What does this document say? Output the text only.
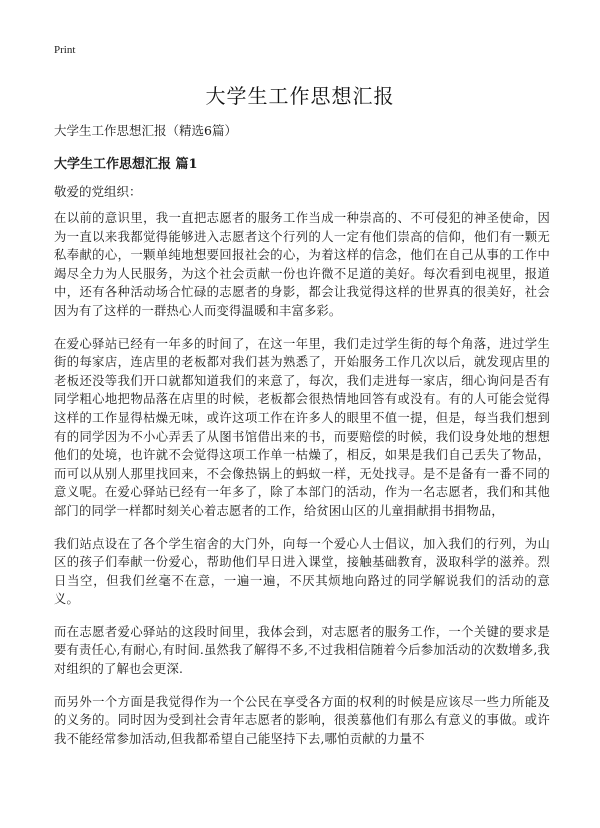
Print
大学生工作思想汇报

大学生工作思想汇报（精选6篇）

大学生工作思想汇报 篇1

敬爱的党组织：

在以前的意识里，我一直把志愿者的服务工作当成一种崇高的、不可侵犯的神圣使命，因为一直以来我都觉得能够进入志愿者这个行列的人一定有他们崇高的信仰，他们有一颗无私奉献的心，一颗单纯地想要回报社会的心，为着这样的信念，他们在自己从事的工作中竭尽全力为人民服务，为这个社会贡献一份也许微不足道的美好。每次看到电视里，报道中，还有各种活动场合忙碌的志愿者的身影，都会让我觉得这样的世界真的很美好，社会因为有了这样的一群热心人而变得温暖和丰富多彩。

在爱心驿站已经有一年多的时间了，在这一年里，我们走过学生街的每个角落，进过学生街的每家店，连店里的老板都对我们甚为熟悉了，开始服务工作几次以后，就发现店里的老板还没等我们开口就都知道我们的来意了，每次，我们走进每一家店，细心询问是否有同学粗心地把物品落在店里的时候，老板都会很热情地回答有或没有。有的人可能会觉得这样的工作显得枯燥无味，或许这项工作在许多人的眼里不值一提，但是，每当我们想到有的同学因为不小心弄丢了从图书馆借出来的书，而要赔偿的时候，我们设身处地的想想他们的处境，也许就不会觉得这项工作单一枯燥了，相反，如果是我们自己丢失了物品，而可以从别人那里找回来，不会像热锅上的蚂蚁一样，无处找寻。是不是备有一番不同的意义呢。在爱心驿站已经有一年多了，除了本部门的活动，作为一名志愿者，我们和其他部门的同学一样都时刻关心着志愿者的工作，给贫困山区的儿童捐献捐书捐物品，

我们站点设在了各个学生宿舍的大门外，向每一个爱心人士倡议，加入我们的行列，为山区的孩子们奉献一份爱心，帮助他们早日进入课堂，接触基础教育，汲取科学的滋养。烈日当空，但我们丝毫不在意，一遍一遍，不厌其烦地向路过的同学解说我们的活动的意义。

而在志愿者爱心驿站的这段时间里，我体会到，对志愿者的服务工作，一个关键的要求是要有责任心,有耐心,有时间.虽然我了解得不多,不过我相信随着今后参加活动的次数增多,我对组织的了解也会更深.

而另外一个方面是我觉得作为一个公民在享受各方面的权利的时候是应该尽一些力所能及的义务的。同时因为受到社会青年志愿者的影响，很羡慕他们有那么有意义的事做。或许我不能经常参加活动,但我都希望自己能坚持下去,哪怕贡献的力量不
